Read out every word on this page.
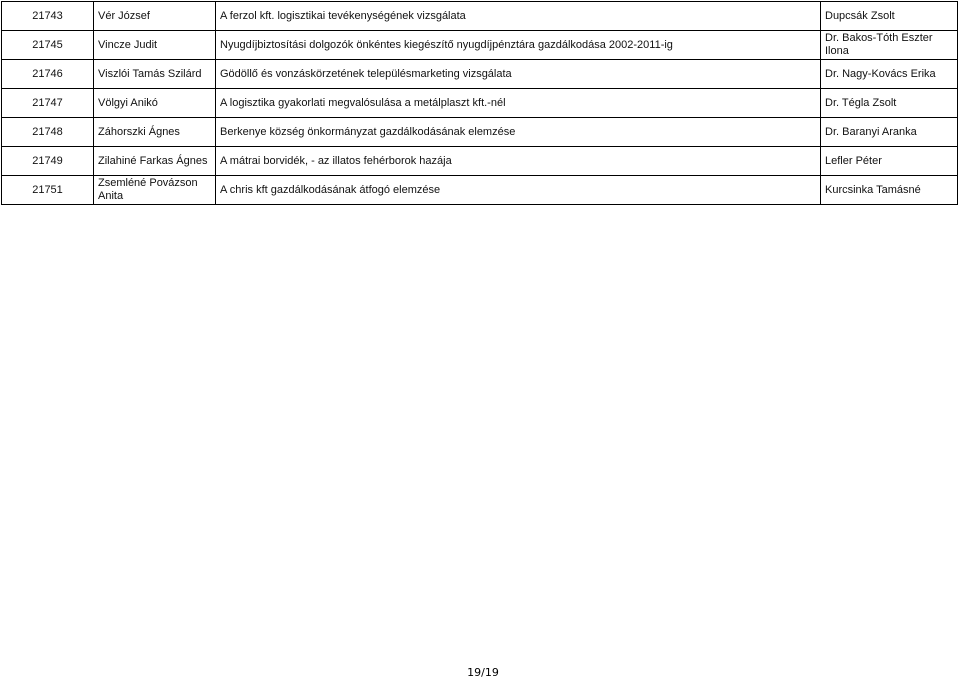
21743	Vér József	A ferzol kft. logisztikai tevékenységének vizsgálata	Dupcsák Zsolt
21745	Vincze Judit	Nyugdíjbiztosítási dolgozók önkéntes kiegészítő nyugdíjpénztára gazdálkodása 2002-2011-ig	Dr. Bakos-Tóth Eszter Ilona
21746	Viszlói Tamás Szilárd	Gödöllő és vonzáskörzetének településmarketing vizsgálata	Dr. Nagy-Kovács Erika
21747	Völgyi Anikó	A logisztika gyakorlati megvalósulása a metálplaszt kft.-nél	Dr. Tégla Zsolt
21748	Záhorszki Ágnes	Berkenye község önkormányzat gazdálkodásának elemzése	Dr. Baranyi Aranka
21749	Zilahiné Farkas Ágnes	A mátrai borvidék, - az illatos fehérborok hazája	Lefler Péter
21751	Zsemléné Povázson Anita	A chris kft gazdálkodásának átfogó elemzése	Kurcsinka Tamásné
19/19
